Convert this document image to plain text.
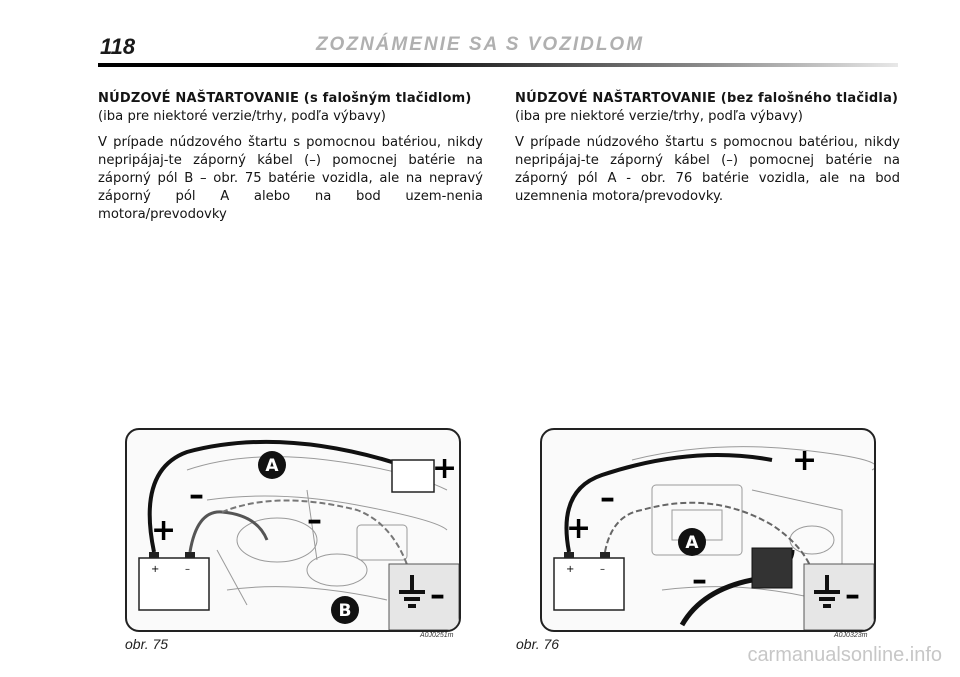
118	ZOZNÁMENIE SA S VOZIDLOM

NÚDZOVÉ NAŠTARTOVANIE (s falošným tlačidlom)

(iba pre niektoré verzie/trhy, podľa výbavy)

V prípade núdzového štartu s pomocnou batériou, nikdy nepripájaj-te záporný kábel (–) pomocnej batérie na záporný pól B – obr. 75 batérie vozidla, ale na nepravý záporný pól A alebo na bod uzem-nenia motora/prevodovky

NÚDZOVÉ NAŠTARTOVANIE (bez falošného tlačidla)

(iba pre niektoré verzie/trhy, podľa výbavy)

V prípade núdzového štartu s pomocnou batériou, nikdy nepripájaj-te záporný kábel (–) pomocnej batérie na záporný pól A - obr. 76 batérie vozidla, ale na bod uzemnenia motora/prevodovky.

+	–
A
B
+
–
+
–
–
obr. 75
A0J0251m
+	–
A
+
–
+
–	–
obr. 76
A0J0323m
carmanualsonline.info
